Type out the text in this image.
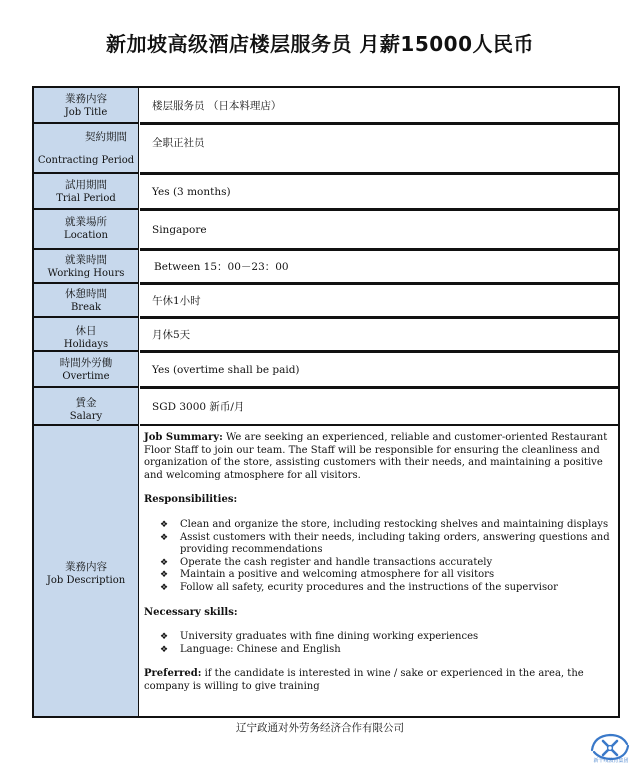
新加坡高级酒店楼层服务员 月薪15000人民币
業務内容
Job Title
楼层服务员 （日本料理店）
契約期間
Contracting Period
全职正社员
試用期間
Trial Period
Yes (3 months)
就業場所
Location	Singapore
就業時間
Working Hours
Between 15：00－23：00
休憩時間
Break
午休1小时
休日
Holidays
月休5天
時間外労働
Overtime
Yes (overtime shall be paid)
賃金
Salary
SGD 3000 新币/月
業務内容
Job Description

Job Summary: We are seeking an experienced, reliable and customer-oriented Restaurant Floor Staff to join our team. The Staff will be responsible for ensuring the cleanliness and organization of the store, assisting customers with their needs, and maintaining a positive and welcoming atmosphere for all visitors.

Responsibilities:

❖ Clean and organize the store, including restocking shelves and maintaining displays
❖ Assist customers with their needs, including taking orders, answering questions and providing recommendations
❖ Operate the cash register and handle transactions accurately
❖ Maintain a positive and welcoming atmosphere for all visitors
❖ Follow all safety, ecurity procedures and the instructions of the supervisor

Necessary skills:

❖ University graduates with fine dining working experiences
❖ Language: Chinese and English

Preferred: if the candidate is interested in wine / sake or experienced in the area, the company is willing to give training

辽宁政通对外劳务经济合作有限公司
新干线教育集团
